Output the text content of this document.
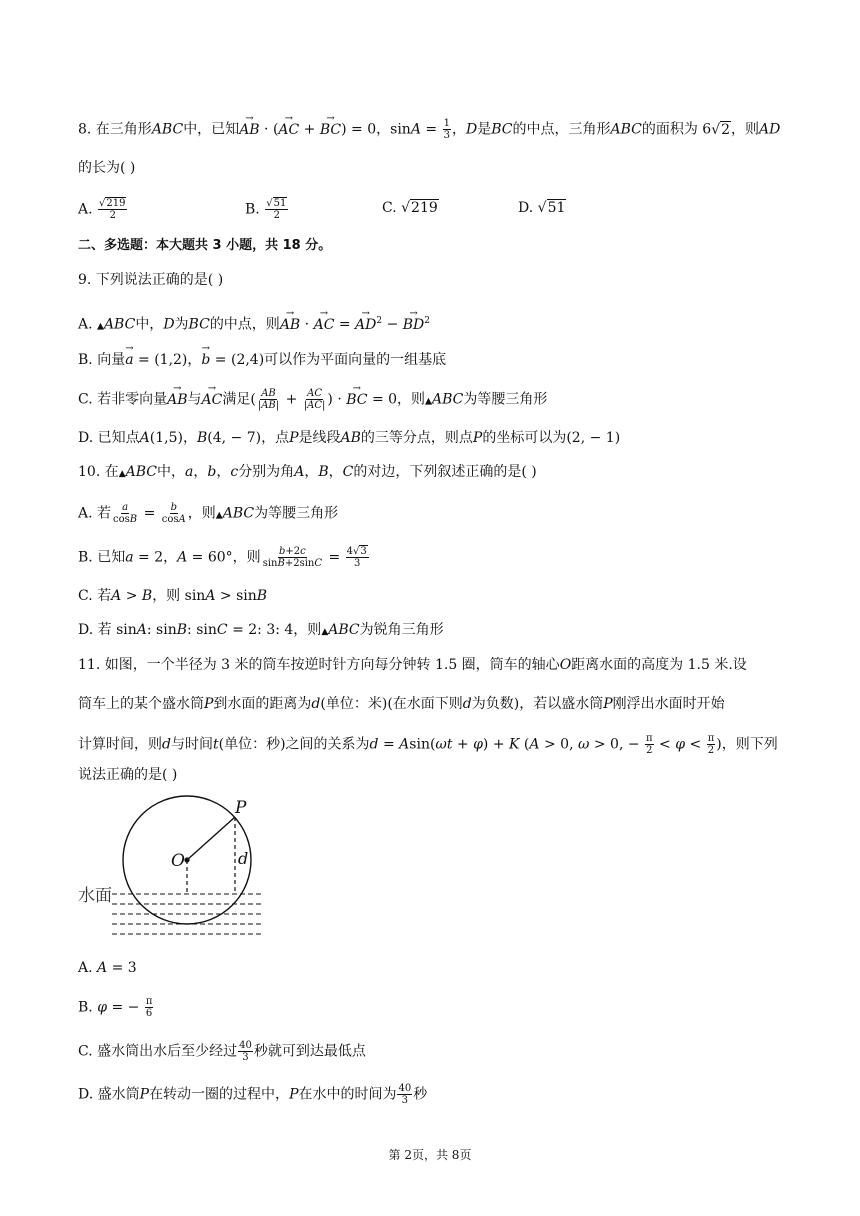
8. 在三角形ABC中，已知→ AB · (→ AC + → BC) = 0，$\sin A = \frac{1}{3}$ ，D是BC的中点，三角形ABC的面积为 6√2，则AD
的长为( )
A. $\frac{√219}{2}$	B. $\frac{√51}{2}$	C. √219	D. √51
二、多选题：本大题共 3 小题，共 18 分。
9. 下列说法正确的是( )
A. ▲ABC中，D为BC的中点，则→ AB · → AC = → $AD^2$ − → $BD^2$
B. 向量→ a = (1,2)，→ b = (2,4)可以作为平面向量的一组基底
C. 若非零向量→ AB与→ AC满足( $\frac{AB}{|AB|} + \frac{AC}{|AC|}$ ) · → BC = 0，则▲ABC为等腰三角形
D. 已知点A(1,5)，B(4, − 7)，点P是线段AB的三等分点，则点P的坐标可以为(2, − 1)
10. 在▲ABC中，a，b，c分别为角A，B，C的对边，下列叙述正确的是( )
A. 若 $\frac{a}{\cos B} = \frac{b}{\cos A}$ ，则▲ABC为等腰三角形
B. 已知a = 2，A = 60°，则 $\frac{b+2c}{\sin B+2\sin C} = \frac{4√3}{3}$
C. 若A > B，则 sinA > sinB
D. 若 sinA: sinB: sinC = 2: 3: 4，则▲ABC为锐角三角形
11. 如图，一个半径为 3 米的筒车按逆时针方向每分钟转 1.5 圈，筒车的轴心O距离水面的高度为 1.5 米.设
筒车上的某个盛水筒P到水面的距离为d(单位：米)(在水面下则d为负数)，若以盛水筒P刚浮出水面时开始
计算时间，则d与时间t(单位：秒)之间的关系为d = Asin(ωt + φ) + K (A > 0, ω > 0, − $\frac{\pi}{2} < \varphi < \frac{\pi}{2}$ )，则下列
说法正确的是( )
P
O	d
水面
A. A = 3
B. φ = − $\frac{\pi}{6}$
C. 盛水筒出水后至少经过 $\frac{40}{3}$ 秒就可到达最低点
D. 盛水筒P在转动一圈的过程中，P在水中的时间为 $\frac{40}{3}$ 秒
第 2页，共 8页
